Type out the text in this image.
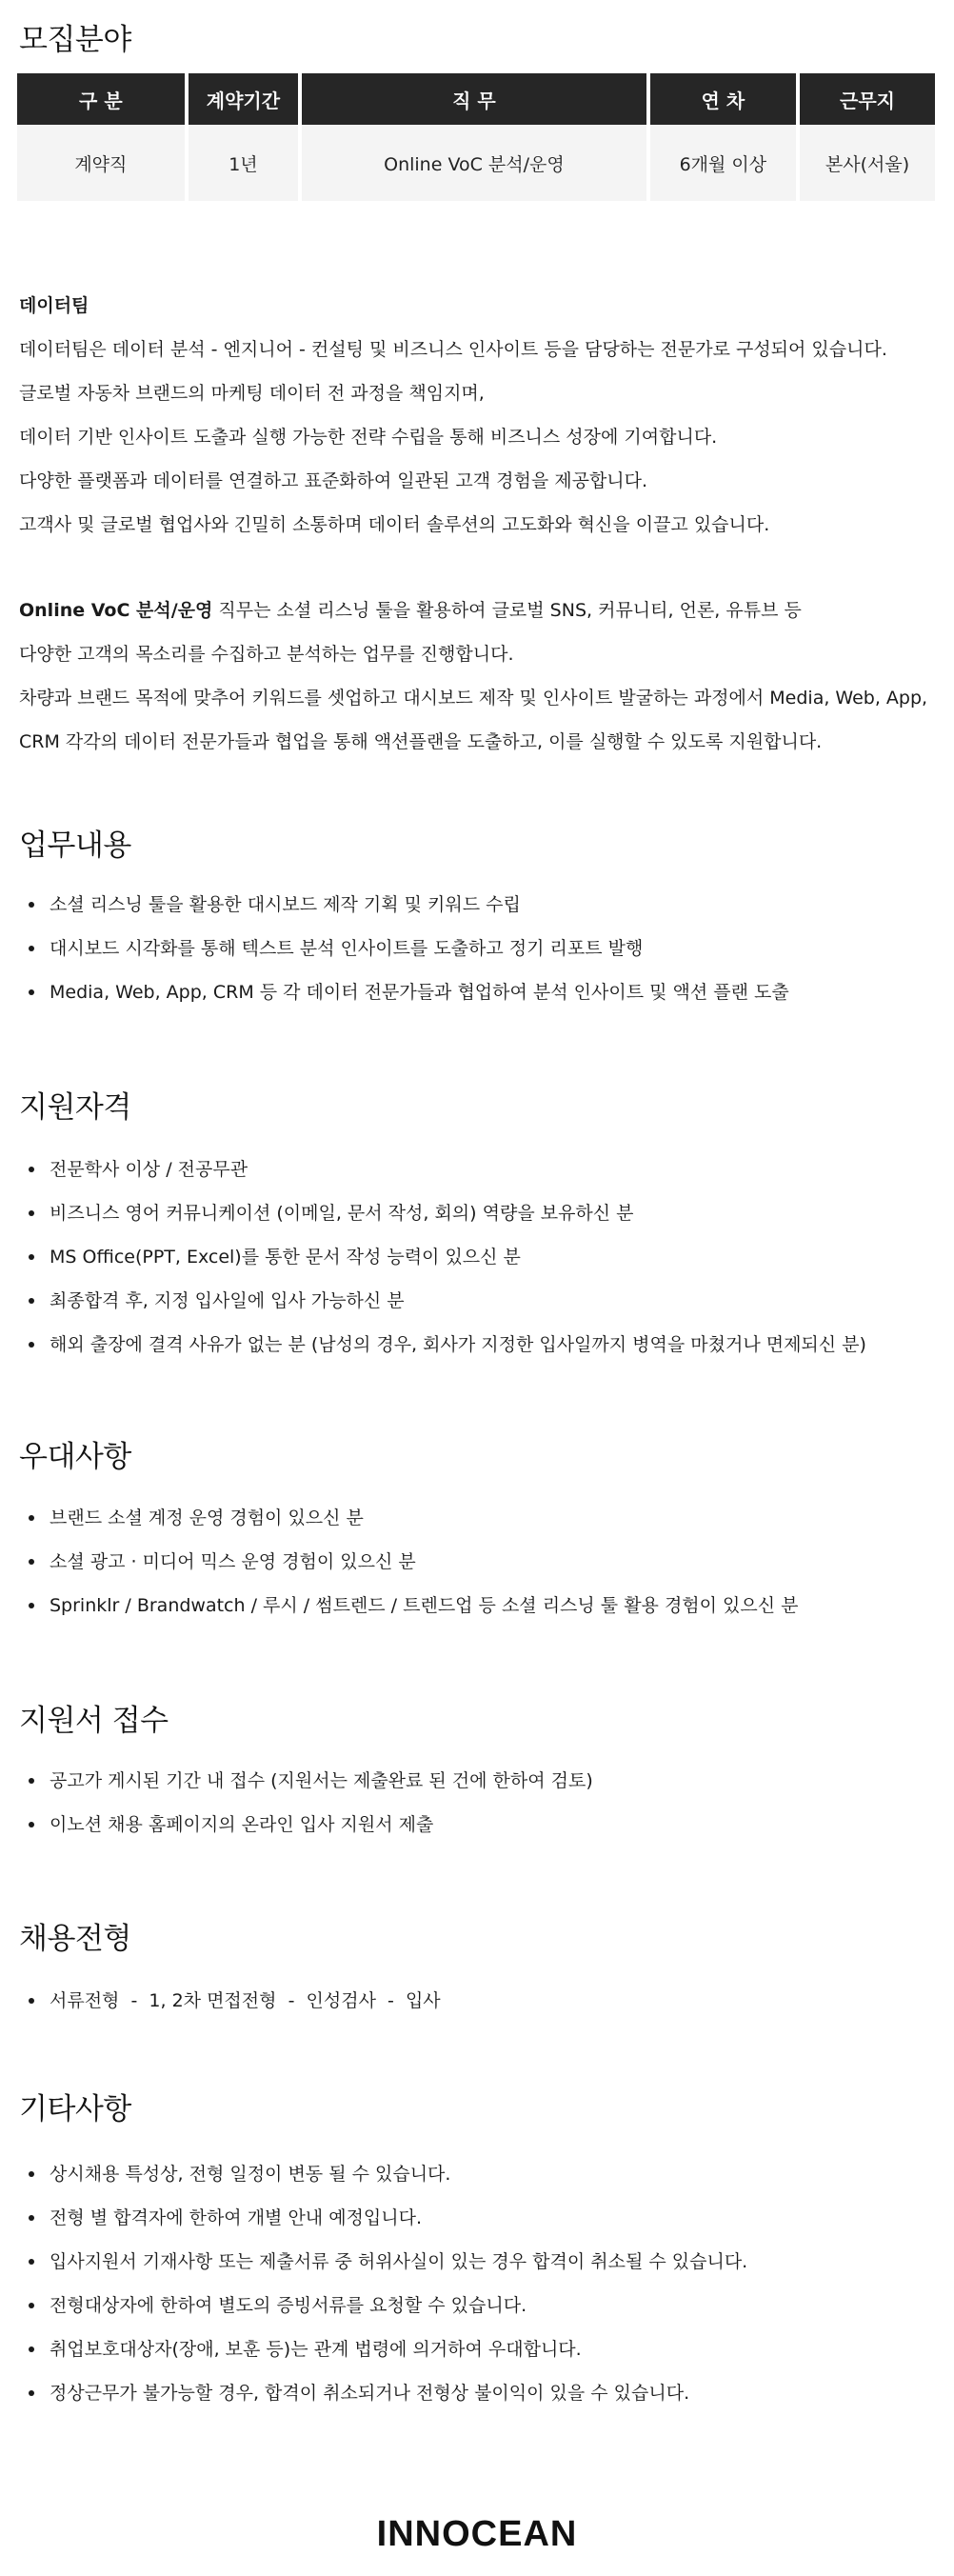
모집분야
구 분	계약기간	직 무	연 차	근무지
계약직	1년	Online VoC 분석/운영	6개월 이상	본사(서울)

데이터팀

데이터팀은 데이터 분석 - 엔지니어 - 컨설팅 및 비즈니스 인사이트 등을 담당하는 전문가로 구성되어 있습니다.

글로벌 자동차 브랜드의 마케팅 데이터 전 과정을 책임지며,

데이터 기반 인사이트 도출과 실행 가능한 전략 수립을 통해 비즈니스 성장에 기여합니다.

다양한 플랫폼과 데이터를 연결하고 표준화하여 일관된 고객 경험을 제공합니다.

고객사 및 글로벌 협업사와 긴밀히 소통하며 데이터 솔루션의 고도화와 혁신을 이끌고 있습니다.

Online VoC 분석/운영 직무는 소셜 리스닝 툴을 활용하여 글로벌 SNS, 커뮤니티, 언론, 유튜브 등

다양한 고객의 목소리를 수집하고 분석하는 업무를 진행합니다.

차량과 브랜드 목적에 맞추어 키워드를 셋업하고 대시보드 제작 및 인사이트 발굴하는 과정에서 Media, Web, App,

CRM 각각의 데이터 전문가들과 협업을 통해 액션플랜을 도출하고, 이를 실행할 수 있도록 지원합니다.

업무내용
소셜 리스닝 툴을 활용한 대시보드 제작 기획 및 키워드 수립
대시보드 시각화를 통해 텍스트 분석 인사이트를 도출하고 정기 리포트 발행
Media, Web, App, CRM 등 각 데이터 전문가들과 협업하여 분석 인사이트 및 액션 플랜 도출
지원자격
전문학사 이상 / 전공무관
비즈니스 영어 커뮤니케이션 (이메일, 문서 작성, 회의) 역량을 보유하신 분
MS Office(PPT, Excel)를 통한 문서 작성 능력이 있으신 분
최종합격 후, 지정 입사일에 입사 가능하신 분
해외 출장에 결격 사유가 없는 분 (남성의 경우, 회사가 지정한 입사일까지 병역을 마쳤거나 면제되신 분)
우대사항
브랜드 소셜 계정 운영 경험이 있으신 분
소셜 광고 · 미디어 믹스 운영 경험이 있으신 분
Sprinklr / Brandwatch / 루시 / 썸트렌드 / 트렌드업 등 소셜 리스닝 툴 활용 경험이 있으신 분
지원서 접수
공고가 게시된 기간 내 접수 (지원서는 제출완료 된 건에 한하여 검토)
이노션 채용 홈페이지의 온라인 입사 지원서 제출
채용전형
서류전형  -  1, 2차 면접전형  -  인성검사  -  입사
기타사항
상시채용 특성상, 전형 일정이 변동 될 수 있습니다.
전형 별 합격자에 한하여 개별 안내 예정입니다.
입사지원서 기재사항 또는 제출서류 중 허위사실이 있는 경우 합격이 취소될 수 있습니다.
전형대상자에 한하여 별도의 증빙서류를 요청할 수 있습니다.
취업보호대상자(장애, 보훈 등)는 관계 법령에 의거하여 우대합니다.
정상근무가 불가능할 경우, 합격이 취소되거나 전형상 불이익이 있을 수 있습니다.
INNOCEAN
